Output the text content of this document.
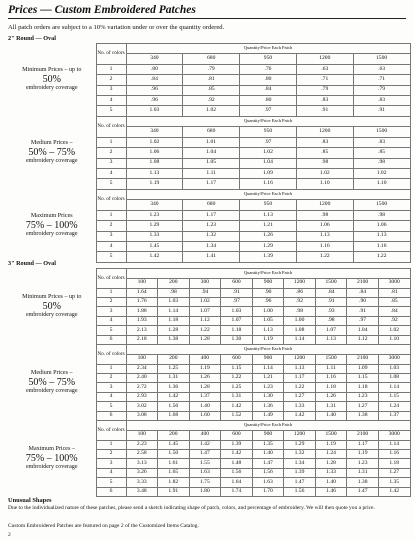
Prices — Custom Embroidered Patches
All patch orders are subject to a 10% variation under or over the quantity ordered.
2" Round — Oval
Minimum Prices – up to
50%
embroidery coverage	No. of colors	Quantity/Price Each Patch				
		340	680	950	1200	1500
	1	.80	.79	.76	.63	.63
	2	.84	.81	.80	.71	.71
	3	.96	.85	.84	.79	.79
	4	.96	.92	.80	.83	.83
	5	1.03	1.02	.97	.91	.91
Medium Prices –
50% – 75%
embroidery coverage	No. of colors	Quantity/Price Each Patch				
		340	680	950	1200	1500
	1	1.02	1.01	.97	.83	.83
	2	1.06	1.04	1.02	.85	.85
	3	1.08	1.05	1.04	.98	.98
	4	1.13	1.11	1.09	1.02	1.02
	5	1.19	1.17	1.16	1.10	1.10
Maximum Prices
75% – 100%
embroidery coverage	No. of colors	Quantity/Price Each Patch				
		340	680	950	1200	1500
	1	1.23	1.17	1.13	.98	.98
	2	1.29	1.23	1.21	1.06	1.06
	3	1.33	1.32	1.26	1.13	1.13
	4	1.45	1.34	1.29	1.16	1.16
	5	1.42	1.41	1.39	1.22	1.22
3" Round — Oval
Minimum Prices – up to
50%
embroidery coverage	No. of colors	Quantity/Price Each Patch								
		100	200	300	600	900	1200	1500	2100	3000
	1	1.64	.98	.94	.91	.90	.86	.84	.84	.81
	2	1.76	1.03	1.02	.97	.96	.92	.91	.90	.85
	3	1.88	1.14	1.07	1.03	1.00	.98	.93	.91	.84
	4	1.93	1.18	1.12	1.07	1.05	1.00	.98	.97	.92
	5	2.13	1.28	1.22	1.18	1.13	1.08	1.07	1.04	1.02
	6	2.18	1.38	1.28	1.30	1.19	1.14	1.13	1.12	1.10
Medium Prices –
50% – 75%
embroidery coverage	No. of colors	Quantity/Price Each Patch								
		100	200	400	600	900	1200	1500	2100	3000
	1	2.34	1.25	1.19	1.15	1.14	1.13	1.11	1.09	1.03
	2	2.40	1.31	1.26	1.22	1.21	1.17	1.16	1.15	1.08
	3	2.72	1.36	1.28	1.25	1.23	1.22	1.18	1.18	1.14
	4	2.93	1.42	1.37	1.31	1.30	1.27	1.26	1.23	1.15
	5	3.02	1.56	1.40	1.42	1.36	1.33	1.31	1.27	1.24
	6	3.08	1.68	1.60	1.52	1.49	1.42	1.40	1.38	1.37
Maximum Prices –
75% – 100%
embroidery coverage	No. of colors	Quantity/Price Each Patch								
		100	200	400	600	900	1200	1500	2100	3000
	1	2.23	1.45	1.42	1.39	1.35	1.29	1.19	1.17	1.14
	2	2.58	1.50	1.47	1.42	1.40	1.32	1.24	1.19	1.16
	3	3.13	1.61	1.55	1.48	1.47	1.34	1.28	1.23	1.18
	4	3.26	1.65	1.63	1.56	1.56	1.39	1.33	1.31	1.27
	5	3.33	1.82	1.75	1.64	1.63	1.47	1.40	1.38	1.35
	6	3.48	1.91	1.80	1.74	1.70	1.56	1.46	1.47	1.42
Unusual Shapes
Due to the individualized nature of these patches, please send a sketch indicating shape of patch, colors, and percentage of embroidery. We will then quote you a price.
Custom Embroidered Patches are featured on page 2 of the Customized Items Catalog.
2
